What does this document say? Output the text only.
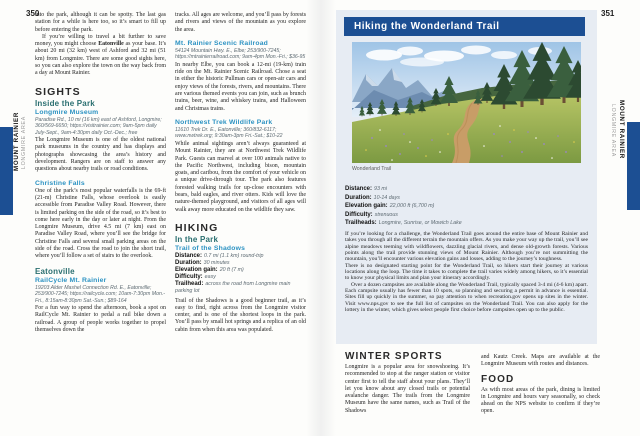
350
MOUNT RAINIER LONGMIRE AREA

into the park, although it can be spotty. The last gas station for a while is here too, so it’s smart to fill up before entering the park.

If you’re willing to travel a bit further to save money, you might choose Eatonville as your base. It’s about 20 mi (32 km) west of Ashford and 32 mi (51 km) from Longmire. There are some good sights here, so you can also explore the town on the way back from a day at Mount Rainier.

SIGHTS
Inside the Park
Longmire Museum

Paradise Rd., 10 mi (16 km) east of Ashford, Longmire; 360/569-6650; https://visitrainier.com; 9am-5pm daily July-Sept., 9am-4:30pm daily Oct.-Dec.; free

The Longmire Museum is one of the oldest national park museums in the country and has displays and photographs showcasing the area’s history and development. Rangers are on staff to answer any questions about nearby trails or road conditions.

Christine Falls

One of the park’s most popular waterfalls is the 69-ft (21-m) Christine Falls, whose overlook is easily accessible from Paradise Valley Road. However, there is limited parking on the side of the road, so it’s best to come here early in the day or later at night. From the Longmire Museum, drive 4.5 mi (7 km) east on Paradise Valley Road, where you’ll see the bridge for Christine Falls and several small parking areas on the side of the road. Cross the road to join the short trail, where you’ll follow a set of stairs to the overlook.

Eatonville
RailCycle Mt. Rainier

19203 Alder Mashel Connection Rd. E., Eatonville; 253/900-7245; https://railcycle.com; 10am-7:30pm Mon.-Fri., 8:15am-8:30pm Sat.-Sun.; $89-164

For a fun way to spend the afternoon, book a spot on RailCycle Mt. Rainier to pedal a rail bike down a railroad. A group of people works together to propel themselves down the

tracks. All ages are welcome, and you’ll pass by forests and rivers and views of the mountain as you explore the area.

Mt. Rainier Scenic Railroad

54124 Mountain Hwy. E., Elbe; 253/900-7245; https://mtrainierrailroad.com; 9am-4pm Mon.-Fri.; $36-95

In nearby Elbe, you can book a 12-mi (19-km) train ride on the Mt. Rainier Scenic Railroad. Chose a seat in either the historic Pullman cars or open-air cars and enjoy views of the forests, rivers, and mountains. There are various themed events you can join, such as brunch trains, beer, wine, and whiskey trains, and Halloween and Christmas trains.

Northwest Trek Wildlife Park

11610 Trek Dr. E., Eatonville; 360/832-6117; www.nwtrek.org; 9:30am-3pm Fri.-Sat.; $10-22

While animal sightings aren’t always guaranteed at Mount Rainier, they are at Northwest Trek Wildlife Park. Guests can marvel at over 100 animals native to the Pacific Northwest, including bison, mountain goats, and caribou, from the comfort of your vehicle on a unique drive-through tour. The park also features forested walking trails for up-close encounters with bears, bald eagles, and river otters. Kids will love the nature-themed playground, and visitors of all ages will walk away more educated on the wildlife they saw.

HIKING
In the Park
Trail of the Shadows
Distance: 0.7 mi (1.1 km) round-trip
Duration: 30 minutes
Elevation gain: 20 ft (7 m)
Difficulty: easy
Trailhead: across the road from Longmire main parking lot

Trail of the Shadows is a good beginner trail, as it’s easy to find, right across from the Longmire visitor center, and is one of the shortest loops in the park. You’ll pass by small hot springs and a replica of an old cabin from when this area was populated.

351
MOUNT RAINIER
LONGMIRE AREA
Hiking the Wonderland Trail
Wonderland Trail
Distance: 93 mi
Duration: 10-14 days
Elevation gain: 22,000 ft (6,700 m)
Difficulty: strenuous
Trailheads: Longmire, Sunrise, or Mowich Lake

If you’re looking for a challenge, the Wonderland Trail goes around the entire base of Mount Rainier and takes you through all the different terrain the mountain offers. As you make your way up the trail, you’ll see alpine meadows teeming with wildflowers, dazzling glacial rivers, and dense old-growth forests. Various points along the trail provide stunning views of Mount Rainier. Although you’re not summitting the mountain, you’ll encounter various elevation gains and losses, adding to the journey’s toughness.

There is no designated starting point for the Wonderland Trail, so hikers start their journey at various locations along the loop. The time it takes to complete the trail varies widely among hikers, so it’s essential to know your physical limits and plan your itinerary accordingly.

Over a dozen campsites are available along the Wonderland Trail, typically spaced 3-4 mi (4-6 km) apart. Each campsite usually has fewer than 10 spots, so planning and securing a permit in advance is essential. Sites fill up quickly in the summer, so pay attention to when recreation.gov opens up sites in the winter. Visit www.nps.gov to see the full list of campsites on the Wonderland Trail. You can also apply for the lottery in the winter, which gives select people first choice before campsites open up to the public.

WINTER SPORTS

Longmire is a popular area for snowshoeing. It’s recommended to stop at the ranger station or visitor center first to tell the staff about your plans. They’ll let you know about any closed trails or potential avalanche danger. The trails from the Longmire Museum have the same names, such as Trail of the Shadows

and Kautz Creek. Maps are available at the Longmire Museum with routes and distances.

FOOD

As with most areas of the park, dining is limited in Longmire and hours vary seasonally, so check ahead on the NPS website to confirm if they’re open.
